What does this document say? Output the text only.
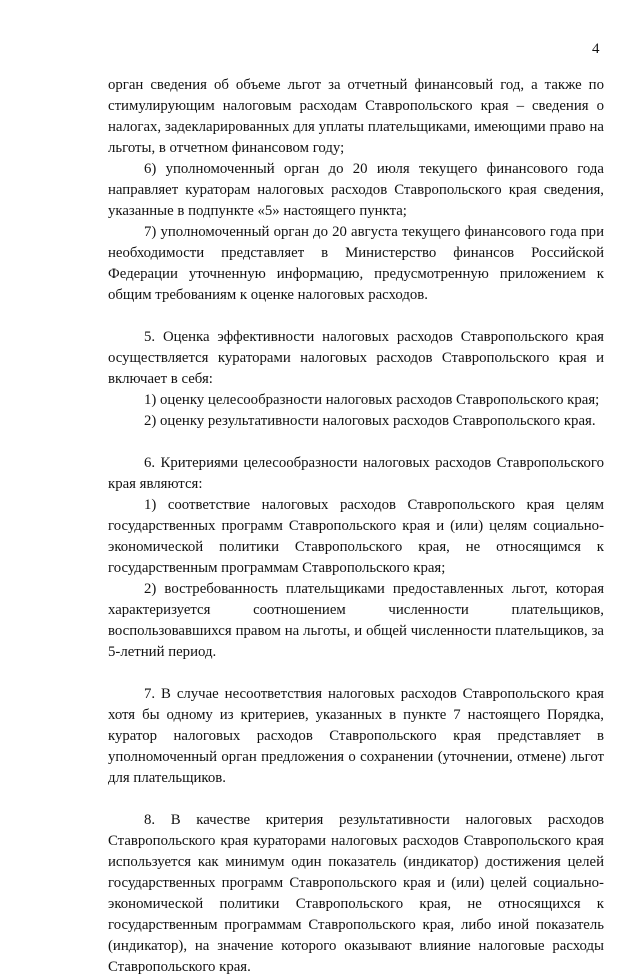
4

орган сведения об объеме льгот за отчетный финансовый год, а также по стимулирующим налоговым расходам Ставропольского края – сведения о налогах, задекларированных для уплаты плательщиками, имеющими право на льготы, в отчетном финансовом году;

6) уполномоченный орган до 20 июля текущего финансового года направляет кураторам налоговых расходов Ставропольского края сведения, указанные в подпункте «5» настоящего пункта;

7) уполномоченный орган до 20 августа текущего финансового года при необходимости представляет в Министерство финансов Российской Федерации уточненную информацию, предусмотренную приложением к общим требованиям к оценке налоговых расходов.

5. Оценка эффективности налоговых расходов Ставропольского края осуществляется кураторами налоговых расходов Ставропольского края и включает в себя:

1) оценку целесообразности налоговых расходов Ставропольского края;

2) оценку результативности налоговых расходов Ставропольского края.

6. Критериями целесообразности налоговых расходов Ставропольского края являются:

1) соответствие налоговых расходов Ставропольского края целям государственных программ Ставропольского края и (или) целям социально-экономической политики Ставропольского края, не относящимся к государственным программам Ставропольского края;

2) востребованность плательщиками предоставленных льгот, которая характеризуется соотношением численности плательщиков, воспользовавшихся правом на льготы, и общей численности плательщиков, за 5-летний период.

7. В случае несоответствия налоговых расходов Ставропольского края хотя бы одному из критериев, указанных в пункте 7 настоящего Порядка, куратор налоговых расходов Ставропольского края представляет в уполномоченный орган предложения о сохранении (уточнении, отмене) льгот для плательщиков.

8. В качестве критерия результативности налоговых расходов Ставропольского края кураторами налоговых расходов Ставропольского края используется как минимум один показатель (индикатор) достижения целей государственных программ Ставропольского края и (или) целей социально-экономической политики Ставропольского края, не относящихся к государственным программам Ставропольского края, либо иной показатель (индикатор), на значение которого оказывают влияние налоговые расходы Ставропольского края.
